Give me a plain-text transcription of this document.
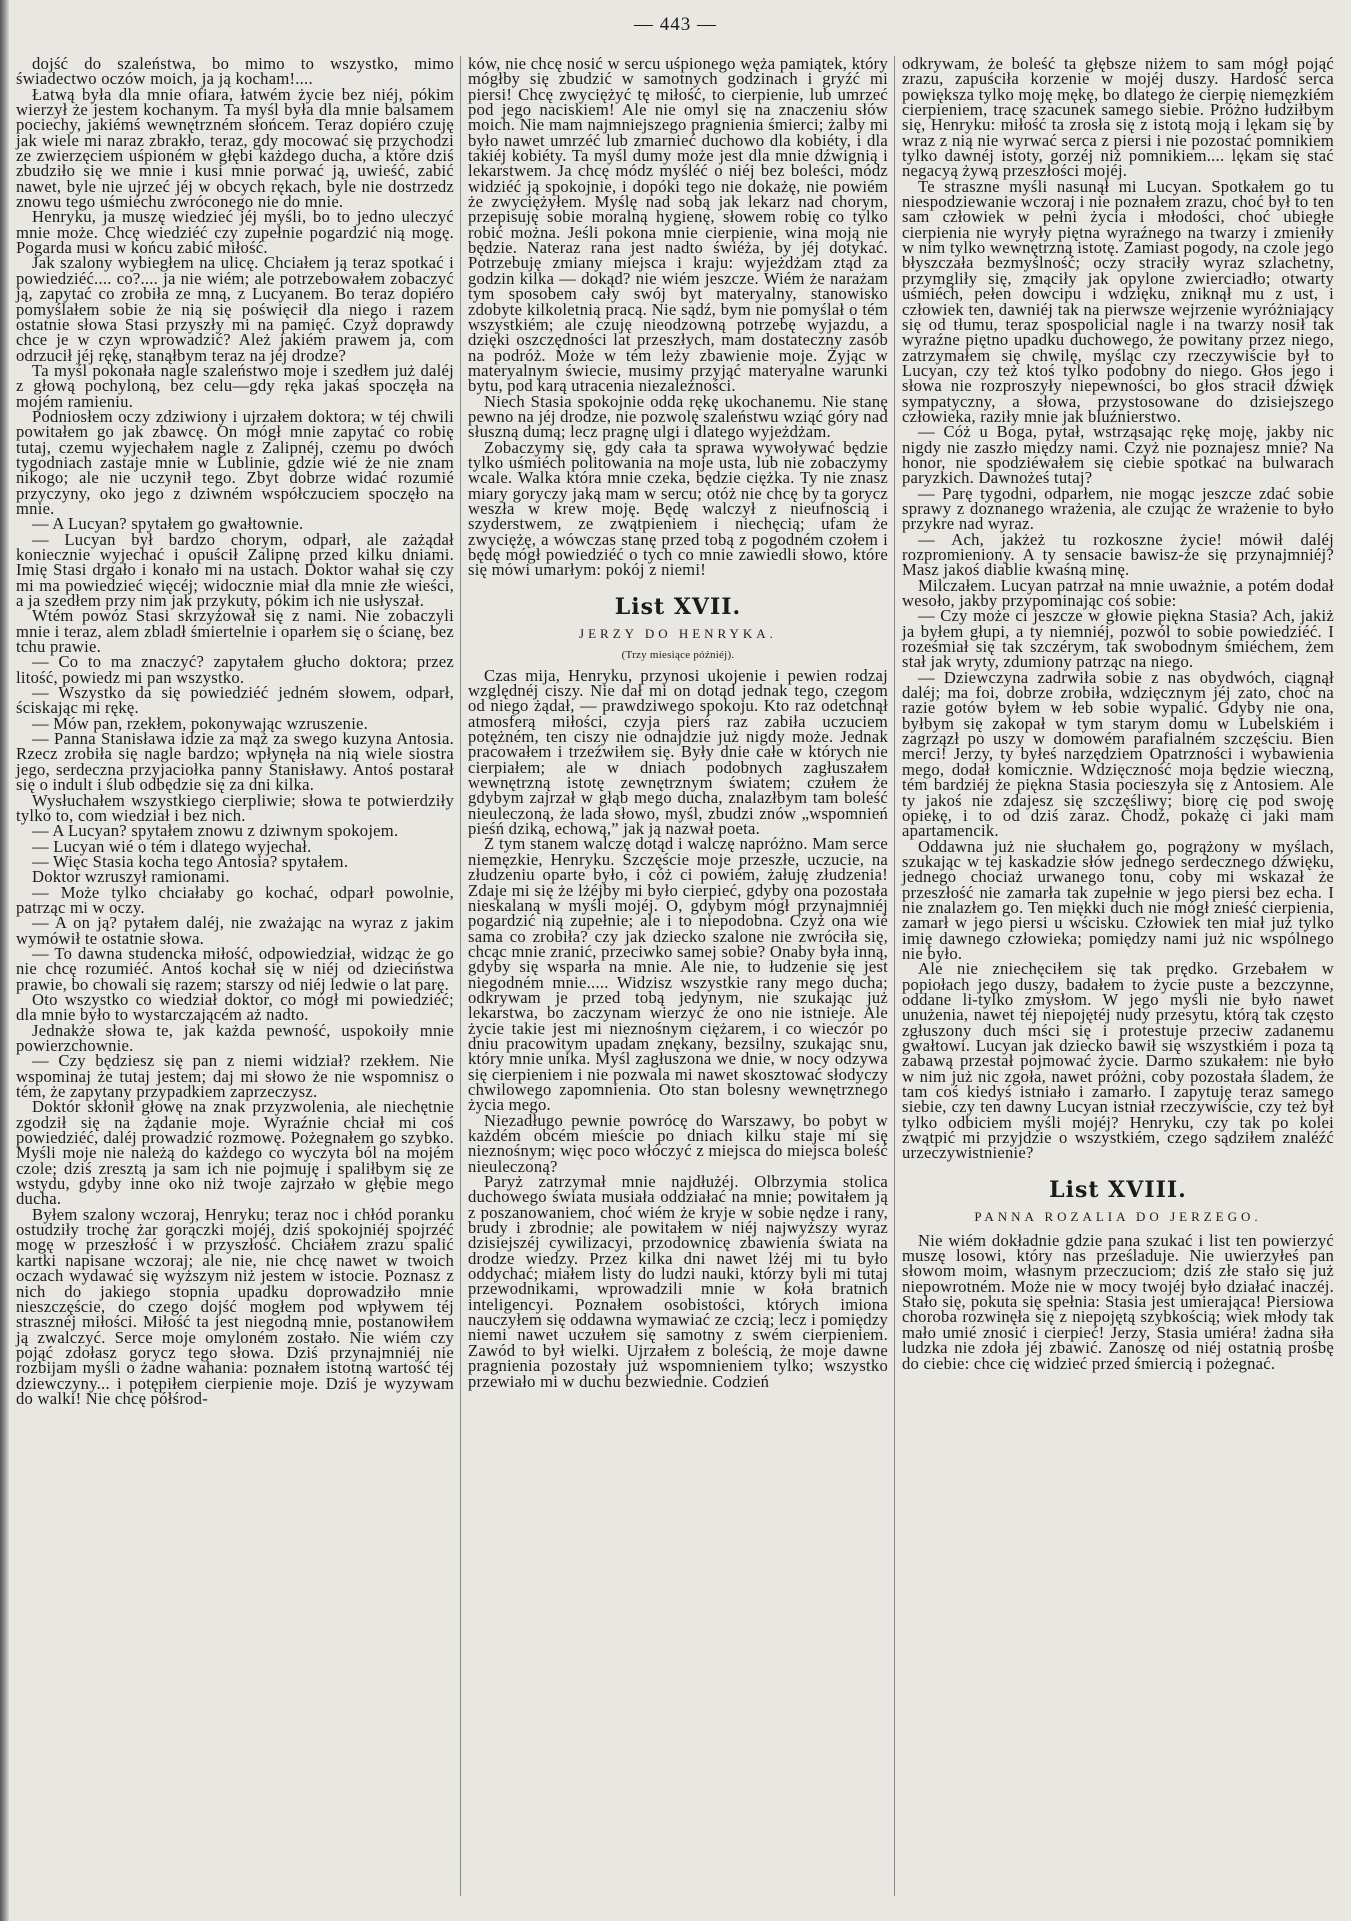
— 443 —

dojść do szaleństwa, bo mimo to wszystko, mimo świadectwo oczów moich, ja ją kocham!....

Łatwą była dla mnie ofiara, łatwém życie bez niéj, pókim wierzył że jestem kochanym. Ta myśl była dla mnie balsamem pociechy, jakiémś wewnętrzném słońcem. Teraz dopiéro czuję jak wiele mi naraz zbrakło, teraz, gdy mocować się przychodzi ze zwierzęciem uśpioném w głębi każdego ducha, a które dziś zbudziło się we mnie i kusi mnie porwać ją, uwieść, zabić nawet, byle nie ujrzeć jéj w obcych rękach, byle nie dostrzedz znowu tego uśmiéchu zwróconego nie do mnie.

Henryku, ja muszę wiedzieć jéj myśli, bo to jedno uleczyć mnie może. Chcę wiedziéć czy zupełnie pogardzić nią mogę. Pogarda musi w końcu zabić miłość.

Jak szalony wybiegłem na ulicę. Chciałem ją teraz spotkać i powiedziéć.... co?.... ja nie wiém; ale potrzebowałem zobaczyć ją, zapytać co zrobiła ze mną, z Lucyanem. Bo teraz dopiéro pomyślałem sobie że nią się poświęcił dla niego i razem ostatnie słowa Stasi przyszły mi na pamięć. Czyż doprawdy chce je w czyn wprowadzić? Ależ jakiém prawem ja, com odrzucił jéj rękę, stanąłbym teraz na jéj drodze?

Ta myśl pokonała nagle szaleństwo moje i szedłem już daléj z głową pochyloną, bez celu—gdy ręka jakaś spoczęła na mojém ramieniu.

Podniosłem oczy zdziwiony i ujrzałem doktora; w téj chwili powitałem go jak zbawcę. On mógł mnie zapytać co robię tutaj, czemu wyjechałem nagle z Zalipnéj, czemu po dwóch tygodniach zastaje mnie w Lublinie, gdzie wié że nie znam nikogo; ale nie uczynił tego. Zbyt dobrze widać rozumié przyczyny, oko jego z dziwném współczuciem spoczęło na mnie.

— A Lucyan? spytałem go gwałtownie.

— Lucyan był bardzo chorym, odparł, ale zażądał koniecznie wyjechać i opuścił Zalipnę przed kilku dniami. Imię Stasi drgało i konało mi na ustach. Doktor wahał się czy mi ma powiedzieć więcéj; widocznie miał dla mnie złe wieści, a ja szedłem przy nim jak przykuty, pókim ich nie usłyszał.

Wtém powóz Stasi skrzyżował się z nami. Nie zobaczyli mnie i teraz, alem zbladł śmiertelnie i oparłem się o ścianę, bez tchu prawie.

— Co to ma znaczyć? zapytałem głucho doktora; przez litość, powiedz mi pan wszystko.

— Wszystko da się powiedziéć jedném słowem, odparł, ściskając mi rękę.

— Mów pan, rzekłem, pokonywając wzruszenie.

— Panna Stanisława idzie za mąż za swego kuzyna Antosia. Rzecz zrobiła się nagle bardzo; wpłynęła na nią wiele siostra jego, serdeczna przyjaciołka panny Stanisławy. Antoś postarał się o indult i ślub odbędzie się za dni kilka.

Wysłuchałem wszystkiego cierpliwie; słowa te potwierdziły tylko to, com wiedział i bez nich.

— A Lucyan? spytałem znowu z dziwnym spokojem.

— Lucyan wié o tém i dlatego wyjechał.

— Więc Stasia kocha tego Antosia? spytałem.

Doktor wzruszył ramionami.

— Może tylko chciałaby go kochać, odparł powolnie, patrząc mi w oczy.

— A on ją? pytałem daléj, nie zważając na wyraz z jakim wymówił te ostatnie słowa.

— To dawna studencka miłość, odpowiedział, widząc że go nie chcę rozumiéć. Antoś kochał się w niéj od dzieciństwa prawie, bo chowali się razem; starszy od niéj ledwie o lat parę.

Oto wszystko co wiedział doktor, co mógł mi powiedziéć; dla mnie było to wystarczającém aż nadto.

Jednakże słowa te, jak każda pewność, uspokoiły mnie powierzchownie.

— Czy będziesz się pan z niemi widział? rzekłem. Nie wspominaj że tutaj jestem; daj mi słowo że nie wspomnisz o tém, że zapytany przypadkiem zaprzeczysz.

Doktór skłonił głowę na znak przyzwolenia, ale niechętnie zgodził się na żądanie moje. Wyraźnie chciał mi coś powiedziéć, daléj prowadzić rozmowę. Pożegnałem go szybko. Myśli moje nie należą do każdego co wyczyta ból na mojém czole; dziś zresztą ja sam ich nie pojmuję i spaliłbym się ze wstydu, gdyby inne oko niż twoje zajrzało w głębie mego ducha.

Byłem szalony wczoraj, Henryku; teraz noc i chłód poranku ostudziły trochę żar gorączki mojéj, dziś spokojniéj spojrzéć mogę w przeszłość i w przyszłość. Chciałem zrazu spalić kartki napisane wczoraj; ale nie, nie chcę nawet w twoich oczach wydawać się wyższym niż jestem w istocie. Poznasz z nich do jakiego stopnia upadku doprowadziło mnie nieszczęście, do czego dojść mogłem pod wpływem téj strasznéj miłości. Miłość ta jest niegodną mnie, postanowiłem ją zwalczyć. Serce moje omyloném zostało. Nie wiém czy pojąć zdołasz gorycz tego słowa. Dziś przynajmniéj nie rozbijam myśli o żadne wahania: poznałem istotną wartość téj dziewczyny... i potępiłem cierpienie moje. Dziś je wyzywam do walki! Nie chcę półśrod-

ków, nie chcę nosić w sercu uśpionego węża pamiątek, który mógłby się zbudzić w samotnych godzinach i gryźć mi piersi! Chcę zwyciężyć tę miłość, to cierpienie, lub umrzeć pod jego naciskiem! Ale nie omyl się na znaczeniu słów moich. Nie mam najmniejszego pragnienia śmierci; żalby mi było nawet umrzéć lub zmarnieć duchowo dla kobiéty, i dla takiéj kobiéty. Ta myśl dumy może jest dla mnie dźwignią i lekarstwem. Ja chcę módz myśléć o niéj bez boleści, módz widziéć ją spokojnie, i dopóki tego nie dokażę, nie powiém że zwyciężyłem. Myślę nad sobą jak lekarz nad chorym, przepisuję sobie moralną hygienę, słowem robię co tylko robić można. Jeśli pokona mnie cierpienie, wina moją nie będzie. Nateraz rana jest nadto świéża, by jéj dotykać. Potrzebuję zmiany miejsca i kraju: wyjeżdżam ztąd za godzin kilka — dokąd? nie wiém jeszcze. Wiém że narażam tym sposobem cały swój byt materyalny, stanowisko zdobyte kilkoletnią pracą. Nie sądź, bym nie pomyślał o tém wszystkiém; ale czuję nieodzowną potrzebę wyjazdu, a dzięki oszczędności lat przeszłych, mam dostateczny zasób na podróż. Może w tém leży zbawienie moje. Żyjąc w materyalnym świecie, musimy przyjąć materyalne warunki bytu, pod karą utracenia niezależności.

Niech Stasia spokojnie odda rękę ukochanemu. Nie stanę pewno na jéj drodze, nie pozwolę szaleństwu wziąć góry nad słuszną dumą; lecz pragnę ulgi i dlatego wyjeżdżam.

Zobaczymy się, gdy cała ta sprawa wywoływać będzie tylko uśmiéch politowania na moje usta, lub nie zobaczymy wcale. Walka która mnie czeka, będzie ciężka. Ty nie znasz miary goryczy jaką mam w sercu; otóż nie chcę by ta gorycz weszła w krew moję. Będę walczył z nieufnością i szyderstwem, ze zwątpieniem i niechęcią; ufam że zwyciężę, a wówczas stanę przed tobą z pogodném czołem i będę mógł powiedziéć o tych co mnie zawiedli słowo, które się mówi umarłym: pokój z niemi!

List XVII.
JERZY DO HENRYKA.
(Trzy miesiące późniéj).

Czas mija, Henryku, przynosi ukojenie i pewien rodzaj względnéj ciszy. Nie dał mi on dotąd jednak tego, czegom od niego żądał, — prawdziwego spokoju. Kto raz odetchnął atmosferą miłości, czyja pierś raz zabiła uczuciem potężném, ten ciszy nie odnajdzie już nigdy może. Jednak pracowałem i trzeźwiłem się. Były dnie całe w których nie cierpiałem; ale w dniach podobnych zagłuszałem wewnętrzną istotę zewnętrznym światem; czułem że gdybym zajrzał w głąb mego ducha, znalazłbym tam boleść nieuleczoną, że lada słowo, myśl, zbudzi znów „wspomnień pieśń dziką, echową,” jak ją nazwał poeta.

Z tym stanem walczę dotąd i walczę napróżno. Mam serce niemęzkie, Henryku. Szczęście moje przeszłe, uczucie, na złudzeniu oparte było, i cóż ci powiém, żałuję złudzenia! Zdaje mi się że lżéjby mi było cierpieć, gdyby ona pozostała nieskalaną w myśli mojéj. O, gdybym mógł przynajmniéj pogardzić nią zupełnie; ale i to niepodobna. Czyż ona wié sama co zrobiła? czy jak dziecko szalone nie zwróciła się, chcąc mnie zranić, przeciwko samej sobie? Onaby była inną, gdyby się wsparła na mnie. Ale nie, to łudzenie się jest niegodném mnie..... Widzisz wszystkie rany mego ducha; odkrywam je przed tobą jedynym, nie szukając już lekarstwa, bo zaczynam wierzyć że ono nie istnieje. Ale życie takie jest mi nieznośnym ciężarem, i co wieczór po dniu pracowitym upadam znękany, bezsilny, szukając snu, który mnie unika. Myśl zagłuszona we dnie, w nocy odzywa się cierpieniem i nie pozwala mi nawet skosztować słodyczy chwilowego zapomnienia. Oto stan bolesny wewnętrznego życia mego.

Niezadługo pewnie powrócę do Warszawy, bo pobyt w każdém obcém mieście po dniach kilku staje mi się nieznośnym; więc poco włóczyć z miejsca do miejsca boleść nieuleczoną?

Paryż zatrzymał mnie najdłużéj. Olbrzymia stolica duchowego świata musiała oddziałać na mnie; powitałem ją z poszanowaniem, choć wiém że kryje w sobie nędze i rany, brudy i zbrodnie; ale powitałem w niéj najwyższy wyraz dzisiejszéj cywilizacyi, przodownicę zbawienia świata na drodze wiedzy. Przez kilka dni nawet lżéj mi tu było oddychać; miałem listy do ludzi nauki, którzy byli mi tutaj przewodnikami, wprowadzili mnie w koła bratnich inteligencyi. Poznałem osobistości, których imiona nauczyłem się oddawna wymawiać ze czcią; lecz i pomiędzy niemi nawet uczułem się samotny z swém cierpieniem. Zawód to był wielki. Ujrzałem z boleścią, że moje dawne pragnienia pozostały już wspomnieniem tylko; wszystko przewiało mi w duchu bezwiednie. Codzień

odkrywam, że boleść ta głębsze niżem to sam mógł pojąć zrazu, zapuściła korzenie w mojéj duszy. Hardość serca powiększa tylko moję mękę, bo dlatego że cierpię niemęzkiém cierpieniem, tracę szacunek samego siebie. Próżno łudziłbym się, Henryku: miłość ta zrosła się z istotą moją i lękam się by wraz z nią nie wyrwać serca z piersi i nie pozostać pomnikiem tylko dawnéj istoty, gorzéj niż pomnikiem.... lękam się stać negacyą żywą przeszłości mojéj.

Te straszne myśli nasunął mi Lucyan. Spotkałem go tu niespodziewanie wczoraj i nie poznałem zrazu, choć był to ten sam człowiek w pełni życia i młodości, choć ubiegłe cierpienia nie wyryły piętna wyraźnego na twarzy i zmieniły w nim tylko wewnętrzną istotę. Zamiast pogody, na czole jego błyszczała bezmyślność; oczy straciły wyraz szlachetny, przymgliły się, zmąciły jak opylone zwierciadło; otwarty uśmiéch, pełen dowcipu i wdzięku, zniknął mu z ust, i człowiek ten, dawniéj tak na pierwsze wejrzenie wyróżniający się od tłumu, teraz spospolicial nagle i na twarzy nosił tak wyraźne piętno upadku duchowego, że powitany przez niego, zatrzymałem się chwilę, myśląc czy rzeczywiście był to Lucyan, czy też ktoś tylko podobny do niego. Głos jego i słowa nie rozproszyły niepewności, bo głos stracił dźwięk sympatyczny, a słowa, przystosowane do dzisiejszego człowieka, raziły mnie jak bluźnierstwo.

— Cóż u Boga, pytał, wstrząsając rękę moję, jakby nic nigdy nie zaszło między nami. Czyż nie poznajesz mnie? Na honor, nie spodziéwałem się ciebie spotkać na bulwarach paryzkich. Dawnożeś tutaj?

— Parę tygodni, odparłem, nie mogąc jeszcze zdać sobie sprawy z doznanego wrażenia, ale czując że wrażenie to było przykre nad wyraz.

— Ach, jakżeż tu rozkoszne życie! mówił daléj rozpromieniony. A ty sensacie bawisz-że się przynajmniéj? Masz jakoś diablie kwaśną minę.

Milczałem. Lucyan patrzał na mnie uważnie, a potém dodał wesoło, jakby przypominając coś sobie:

— Czy może ci jeszcze w głowie piękna Stasia? Ach, jakiż ja byłem głupi, a ty niemniéj, pozwól to sobie powiedziéć. I roześmiał się tak szczérym, tak swobodnym śmiéchem, żem stał jak wryty, zdumiony patrząc na niego.

— Dziewczyna zadrwiła sobie z nas obydwóch, ciągnął daléj; ma foi, dobrze zrobiła, wdzięcznym jéj zato, choć na razie gotów byłem w łeb sobie wypalić. Gdyby nie ona, byłbym się zakopał w tym starym domu w Lubelskiém i zagrzązł po uszy w domowém parafialném szczęściu. Bien merci! Jerzy, ty byłeś narzędziem Opatrzności i wybawienia mego, dodał komicznie. Wdzięczność moja będzie wieczną, tém bardziéj że piękna Stasia pocieszyła się z Antosiem. Ale ty jakoś nie zdajesz się szczęśliwy; biorę cię pod swoję opiekę, i to od dziś zaraz. Chodź, pokażę ci jaki mam apartamencik.

Oddawna już nie słuchałem go, pogrążony w myślach, szukając w tej kaskadzie słów jednego serdecznego dźwięku, jednego chociaż urwanego tonu, coby mi wskazał że przeszłość nie zamarła tak zupełnie w jego piersi bez echa. I nie znalazłem go. Ten miękki duch nie mógł znieść cierpienia, zamarł w jego piersi u wścisku. Człowiek ten miał już tylko imię dawnego człowieka; pomiędzy nami już nic wspólnego nie było.

Ale nie zniechęciłem się tak prędko. Grzebałem w popiołach jego duszy, badałem to życie puste a bezczynne, oddane li-tylko zmysłom. W jego myśli nie było nawet unużenia, nawet téj niepojętéj nudy przesytu, którą tak często zgłuszony duch mści się i protestuje przeciw zadanemu gwałtowi. Lucyan jak dziecko bawił się wszystkiém i poza tą zabawą przestał pojmować życie. Darmo szukałem: nie było w nim już nic zgoła, nawet próżni, coby pozostała śladem, że tam coś kiedyś istniało i zamarło. I zapytuję teraz samego siebie, czy ten dawny Lucyan istniał rzeczywiście, czy też był tylko odbiciem myśli mojéj? Henryku, czy tak po kolei zwątpić mi przyjdzie o wszystkiém, czego sądziłem znaléźć urzeczywistnienie?

List XVIII.
PANNA ROZALIA DO JERZEGO.

Nie wiém dokładnie gdzie pana szukać i list ten powierzyć muszę losowi, który nas prześladuje. Nie uwierzyłeś pan słowom moim, własnym przeczuciom; dziś złe stało się już niepowrotném. Może nie w mocy twojéj było działać inaczéj. Stało się, pokuta się spełnia: Stasia jest umierająca! Piersiowa choroba rozwinęła się z niepojętą szybkością; wiek młody tak mało umié znosić i cierpieć! Jerzy, Stasia umiéra! żadna siła ludzka nie zdoła jéj zbawić. Zanoszę od niéj ostatnią prośbę do ciebie: chce cię widzieć przed śmiercią i pożegnać.
